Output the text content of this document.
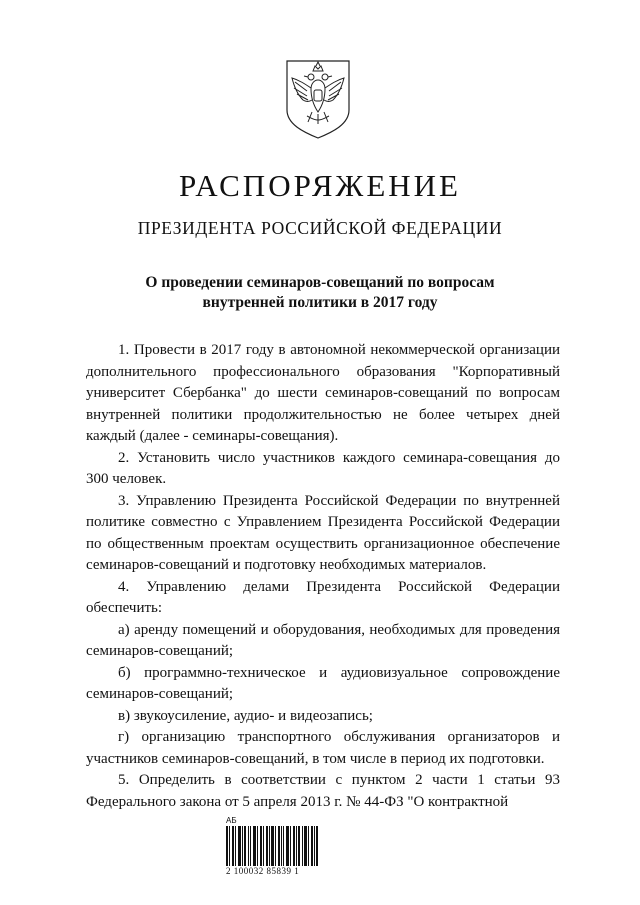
РАСПОРЯЖЕНИЕ
ПРЕЗИДЕНТА РОССИЙСКОЙ ФЕДЕРАЦИИ
О проведении семинаров-совещаний по вопросам
внутренней политики в 2017 году

1. Провести в 2017 году в автономной некоммерческой организации дополнительного профессионального образования "Корпоративный университет Сбербанка" до шести семинаров-совещаний по вопросам внутренней политики продолжительностью не более четырех дней каждый (далее - семинары-совещания).

2. Установить число участников каждого семинара-совещания до 300 человек.

3. Управлению Президента Российской Федерации по внутренней политике совместно с Управлением Президента Российской Федерации по общественным проектам осуществить организационное обеспечение семинаров-совещаний и подготовку необходимых материалов.

4. Управлению делами Президента Российской Федерации обеспечить:

а) аренду помещений и оборудования, необходимых для проведения семинаров-совещаний;

б) программно-техническое и аудиовизуальное сопровождение семинаров-совещаний;

в) звукоусиление, аудио- и видеозапись;

г) организацию транспортного обслуживания организаторов и участников семинаров-совещаний, в том числе в период их подготовки.

5. Определить в соответствии с пунктом 2 части 1 статьи 93 Федерального закона от 5 апреля 2013 г. № 44-ФЗ "О контрактной

АБ
2 100032 85839 1
